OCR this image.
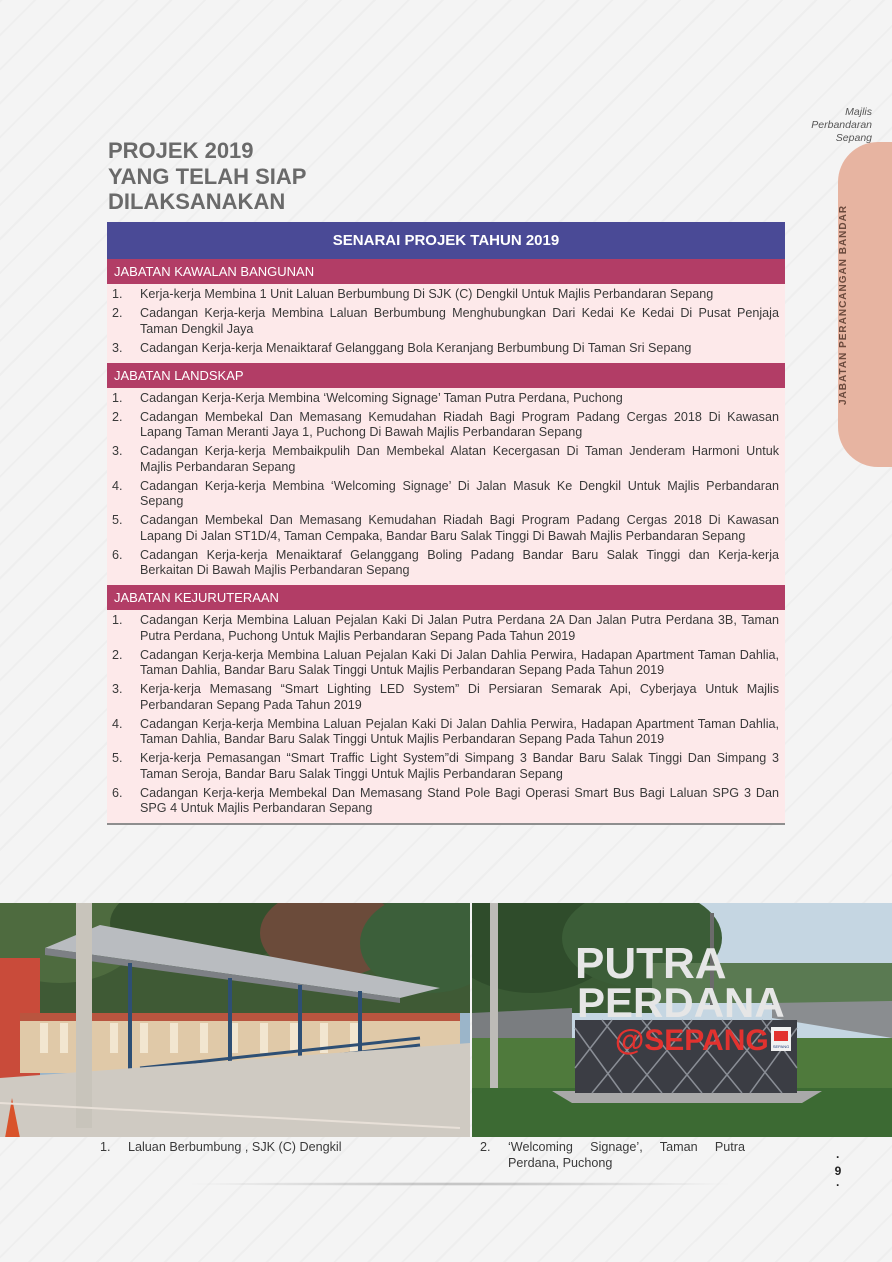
Majlis
Perbandaran
Sepang
JABATAN PERANCANGAN BANDAR
PROJEK 2019
YANG TELAH SIAP
DILAKSANAKAN
SENARAI PROJEK TAHUN 2019
JABATAN KAWALAN BANGUNAN
1.	Kerja-kerja Membina 1 Unit Laluan Berbumbung Di SJK (C) Dengkil Untuk Majlis Perbandaran Sepang
2.	Cadangan Kerja-kerja Membina Laluan Berbumbung Menghubungkan Dari Kedai Ke Kedai Di Pusat Penjaja Taman Dengkil Jaya
3.	Cadangan Kerja-kerja Menaiktaraf Gelanggang Bola Keranjang Berbumbung Di Taman Sri Sepang
JABATAN LANDSKAP
1.	Cadangan Kerja-Kerja Membina ‘Welcoming Signage’ Taman Putra Perdana, Puchong
2.	Cadangan Membekal Dan Memasang Kemudahan Riadah Bagi Program Padang Cergas 2018 Di Kawasan Lapang Taman Meranti Jaya 1, Puchong Di Bawah Majlis Perbandaran Sepang
3.	Cadangan Kerja-kerja Membaikpulih Dan Membekal Alatan Kecergasan Di Taman Jenderam Harmoni Untuk Majlis Perbandaran Sepang
4.	Cadangan Kerja-kerja Membina ‘Welcoming Signage’ Di Jalan Masuk Ke Dengkil Untuk Majlis Perbandaran Sepang
5.	Cadangan Membekal Dan Memasang Kemudahan Riadah Bagi Program Padang Cergas 2018 Di Kawasan Lapang Di Jalan ST1D/4, Taman Cempaka, Bandar Baru Salak Tinggi Di Bawah Majlis Perbandaran Sepang
6.	Cadangan Kerja-kerja Menaiktaraf Gelanggang Boling Padang Bandar Baru Salak Tinggi dan Kerja-kerja Berkaitan Di Bawah Majlis Perbandaran Sepang
JABATAN KEJURUTERAAN
1.	Cadangan Kerja Membina Laluan Pejalan Kaki Di Jalan Putra Perdana 2A Dan Jalan Putra Perdana 3B, Taman Putra Perdana, Puchong Untuk Majlis Perbandaran Sepang Pada Tahun 2019
2.	Cadangan Kerja-kerja Membina Laluan Pejalan Kaki Di Jalan Dahlia Perwira, Hadapan Apartment Taman Dahlia, Taman Dahlia, Bandar Baru Salak Tinggi Untuk Majlis Perbandaran Sepang Pada Tahun 2019
3.	Kerja-kerja Memasang “Smart Lighting LED System” Di Persiaran Semarak Api, Cyberjaya Untuk Majlis Perbandaran Sepang Pada Tahun 2019
4.	Cadangan Kerja-kerja Membina Laluan Pejalan Kaki Di Jalan Dahlia Perwira, Hadapan Apartment Taman Dahlia, Taman Dahlia, Bandar Baru Salak Tinggi Untuk Majlis Perbandaran Sepang Pada Tahun 2019
5.	Kerja-kerja Pemasangan “Smart Traffic Light System”di Simpang 3 Bandar Baru Salak Tinggi Dan Simpang 3 Taman Seroja, Bandar Baru Salak Tinggi Untuk Majlis Perbandaran Sepang
6.	Cadangan Kerja-kerja Membekal Dan Memasang Stand Pole Bagi Operasi Smart Bus Bagi Laluan SPG 3 Dan SPG 4 Untuk Majlis Perbandaran Sepang
PUTRA
PERDANA
@SEPANG SEPANG
1.	Laluan Berbumbung , SJK (C) Dengkil	2.	‘Welcoming Signage’, Taman Putra Perdana, Puchong	·
9
·
